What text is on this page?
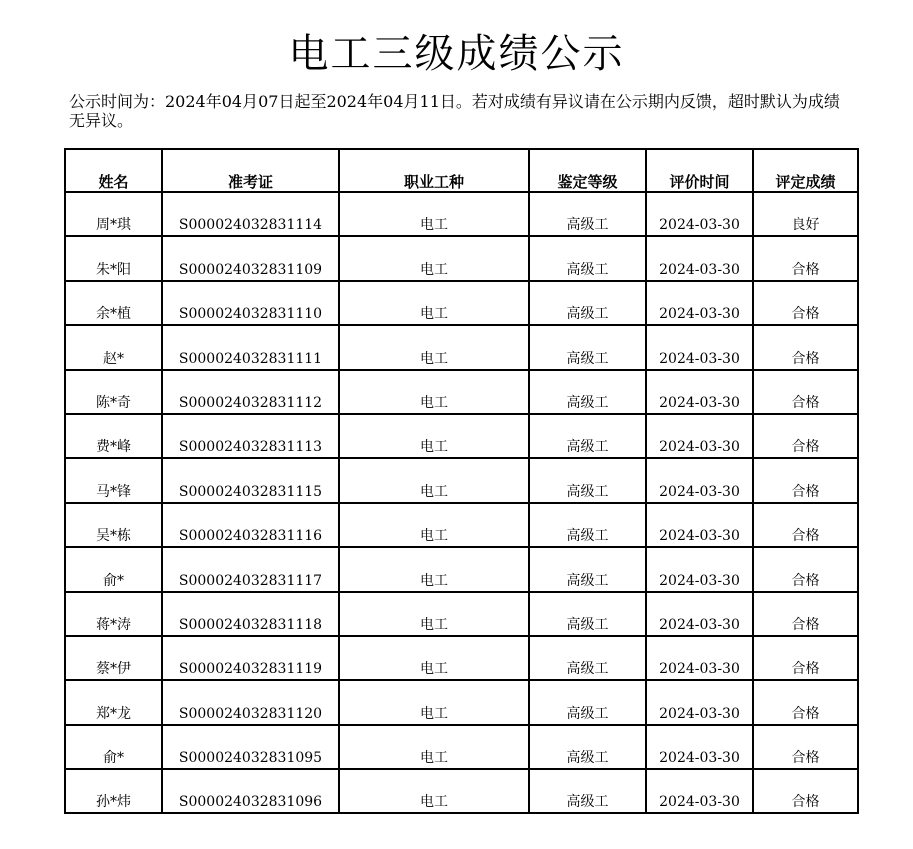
电工三级成绩公示
公示时间为：2024年04月07日起至2024年04月11日。若对成绩有异议请在公示期内反馈，超时默认为成绩无异议。
姓名	准考证	职业工种	鉴定等级	评价时间	评定成绩
周*琪	S000024032831114	电工	高级工	2024-03-30	良好
朱*阳	S000024032831109	电工	高级工	2024-03-30	合格
余*植	S000024032831110	电工	高级工	2024-03-30	合格
赵*	S000024032831111	电工	高级工	2024-03-30	合格
陈*奇	S000024032831112	电工	高级工	2024-03-30	合格
费*峰	S000024032831113	电工	高级工	2024-03-30	合格
马*锋	S000024032831115	电工	高级工	2024-03-30	合格
吴*栋	S000024032831116	电工	高级工	2024-03-30	合格
俞*	S000024032831117	电工	高级工	2024-03-30	合格
蒋*涛	S000024032831118	电工	高级工	2024-03-30	合格
蔡*伊	S000024032831119	电工	高级工	2024-03-30	合格
郑*龙	S000024032831120	电工	高级工	2024-03-30	合格
俞*	S000024032831095	电工	高级工	2024-03-30	合格
孙*炜	S000024032831096	电工	高级工	2024-03-30	合格
